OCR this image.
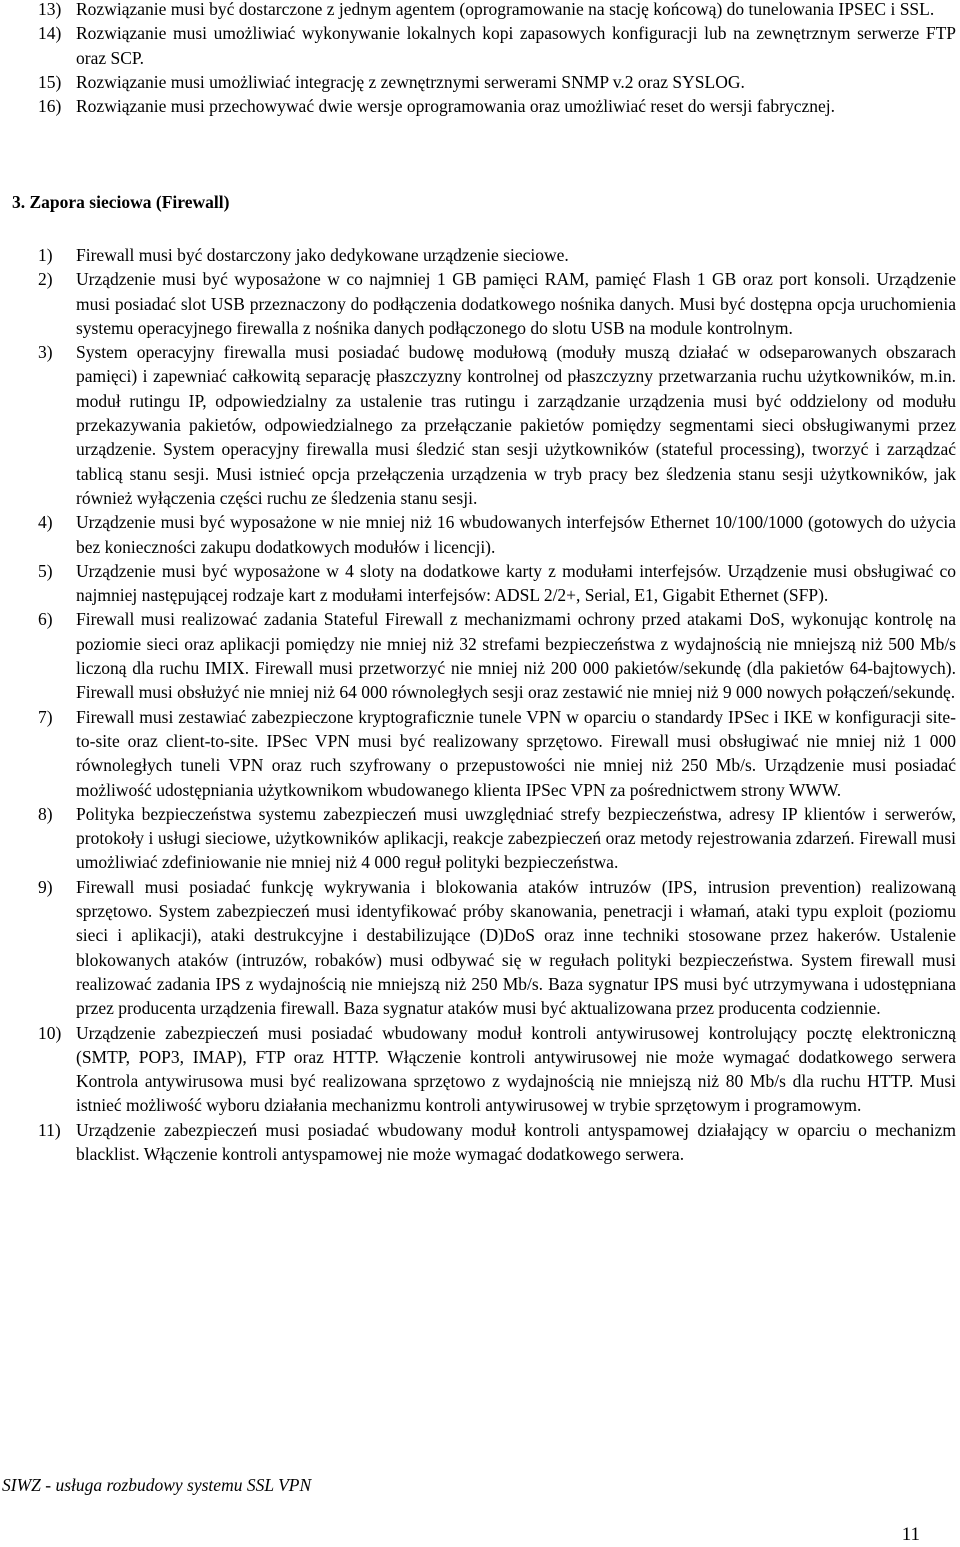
13) Rozwiązanie musi być dostarczone z jednym agentem (oprogramowanie na stację końcową) do tunelowania IPSEC i SSL.
14) Rozwiązanie musi umożliwiać wykonywanie lokalnych kopi zapasowych konfiguracji lub na zewnętrznym serwerze FTP oraz SCP.
15) Rozwiązanie musi umożliwiać integrację z zewnętrznymi serwerami SNMP v.2 oraz SYSLOG.
16) Rozwiązanie musi przechowywać dwie wersje oprogramowania oraz umożliwiać reset do wersji fabrycznej.

3. Zapora sieciowa (Firewall)

1)	Firewall musi być dostarczony jako dedykowane urządzenie sieciowe.
2)	Urządzenie musi być wyposażone w co najmniej 1 GB pamięci RAM, pamięć Flash 1 GB oraz port konsoli. Urządzenie musi posiadać slot USB przeznaczony do podłączenia dodatkowego nośnika danych. Musi być dostępna opcja uruchomienia systemu operacyjnego firewalla z nośnika danych podłączonego do slotu USB na module kontrolnym.
3)	System operacyjny firewalla musi posiadać budowę modułową (moduły muszą działać w odseparowanych obszarach pamięci) i zapewniać całkowitą separację płaszczyzny kontrolnej od płaszczyzny przetwarzania ruchu użytkowników, m.in. moduł rutingu IP, odpowiedzialny za ustalenie tras rutingu i zarządzanie urządzenia musi być oddzielony od modułu przekazywania pakietów, odpowiedzialnego za przełączanie pakietów pomiędzy segmentami sieci obsługiwanymi przez urządzenie. System operacyjny firewalla musi śledzić stan sesji użytkowników (stateful processing), tworzyć i zarządzać tablicą stanu sesji. Musi istnieć opcja przełączenia urządzenia w tryb pracy bez śledzenia stanu sesji użytkowników, jak również wyłączenia części ruchu ze śledzenia stanu sesji.
4)	Urządzenie musi być wyposażone w nie mniej niż 16 wbudowanych interfejsów Ethernet 10/100/1000 (gotowych do użycia bez konieczności zakupu dodatkowych modułów i licencji).
5)	Urządzenie musi być wyposażone w 4 sloty na dodatkowe karty z modułami interfejsów. Urządzenie musi obsługiwać co najmniej następującej rodzaje kart z modułami interfejsów: ADSL 2/2+, Serial, E1, Gigabit Ethernet (SFP).
6)	Firewall musi realizować zadania Stateful Firewall z mechanizmami ochrony przed atakami DoS, wykonując kontrolę na poziomie sieci oraz aplikacji pomiędzy nie mniej niż 32 strefami bezpieczeństwa z wydajnością nie mniejszą niż 500 Mb/s liczoną dla ruchu IMIX. Firewall musi przetworzyć nie mniej niż 200 000 pakietów/sekundę (dla pakietów 64-bajtowych). Firewall musi obsłużyć nie mniej niż 64 000 równoległych sesji oraz zestawić nie mniej niż 9 000 nowych połączeń/sekundę.
7)	Firewall musi zestawiać zabezpieczone kryptograficznie tunele VPN w oparciu o standardy IPSec i IKE w konfiguracji site-to-site oraz client-to-site. IPSec VPN musi być realizowany sprzętowo. Firewall musi obsługiwać nie mniej niż 1 000 równoległych tuneli VPN oraz ruch szyfrowany o przepustowości nie mniej niż 250 Mb/s. Urządzenie musi posiadać możliwość udostępniania użytkownikom wbudowanego klienta IPSec VPN za pośrednictwem strony WWW.
8)	Polityka bezpieczeństwa systemu zabezpieczeń musi uwzględniać strefy bezpieczeństwa, adresy IP klientów i serwerów, protokoły i usługi sieciowe, użytkowników aplikacji, reakcje zabezpieczeń oraz metody rejestrowania zdarzeń. Firewall musi umożliwiać zdefiniowanie nie mniej niż 4 000 reguł polityki bezpieczeństwa.
9)	Firewall musi posiadać funkcję wykrywania i blokowania ataków intruzów (IPS, intrusion prevention) realizowaną sprzętowo. System zabezpieczeń musi identyfikować próby skanowania, penetracji i włamań, ataki typu exploit (poziomu sieci i aplikacji), ataki destrukcyjne i destabilizujące (D)DoS oraz inne techniki stosowane przez hakerów. Ustalenie blokowanych ataków (intruzów, robaków) musi odbywać się w regułach polityki bezpieczeństwa. System firewall musi realizować zadania IPS z wydajnością nie mniejszą niż 250 Mb/s. Baza sygnatur IPS musi być utrzymywana i udostępniana przez producenta urządzenia firewall. Baza sygnatur ataków musi być aktualizowana przez producenta codziennie.
10) Urządzenie zabezpieczeń musi posiadać wbudowany moduł kontroli antywirusowej kontrolujący pocztę elektroniczną (SMTP, POP3, IMAP), FTP oraz HTTP. Włączenie kontroli antywirusowej nie może wymagać dodatkowego serwera Kontrola antywirusowa musi być realizowana sprzętowo z wydajnością nie mniejszą niż 80 Mb/s dla ruchu HTTP. Musi istnieć możliwość wyboru działania mechanizmu kontroli antywirusowej w trybie sprzętowym i programowym.
11) Urządzenie zabezpieczeń musi posiadać wbudowany moduł kontroli antyspamowej działający w oparciu o mechanizm blacklist. Włączenie kontroli antyspamowej nie może wymagać dodatkowego serwera.

SIWZ - usługa rozbudowy systemu SSL VPN

11
